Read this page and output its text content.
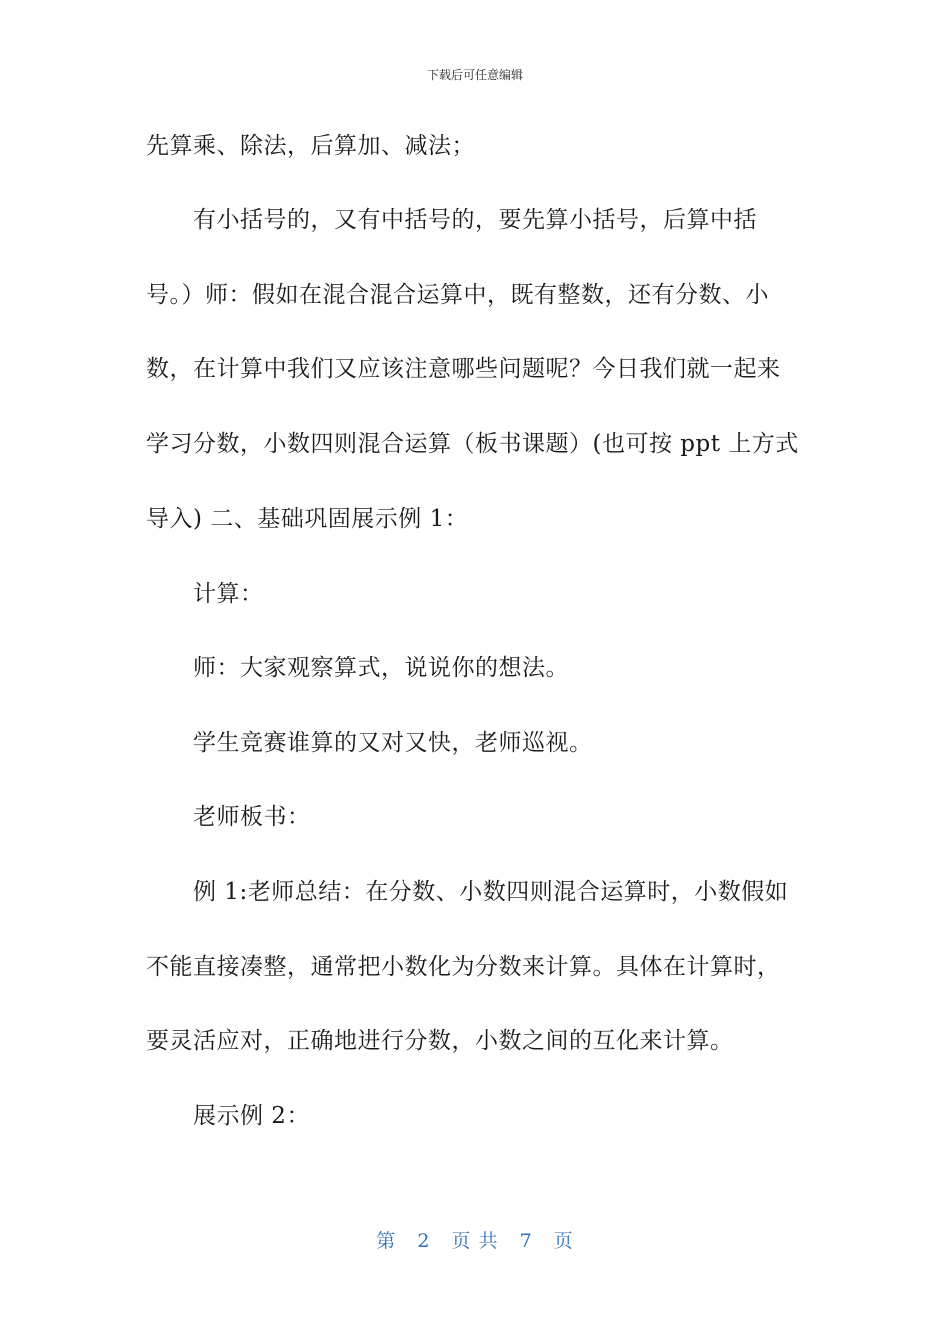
下载后可任意编辑
先算乘、除法，后算加、减法；
有小括号的，又有中括号的，要先算小括号，后算中括
号。）师：假如在混合混合运算中，既有整数，还有分数、小
数，在计算中我们又应该注意哪些问题呢？今日我们就一起来
学习分数，小数四则混合运算（板书课题）(也可按 ppt 上方式
导入) 二、基础巩固展示例 1：
计算：
师：大家观察算式，说说你的想法。
学生竞赛谁算的又对又快，老师巡视。
老师板书：
例 1:老师总结：在分数、小数四则混合运算时，小数假如
不能直接凑整，通常把小数化为分数来计算。具体在计算时，
要灵活应对，正确地进行分数，小数之间的互化来计算。
展示例 2：
第 2 页 共 7 页
